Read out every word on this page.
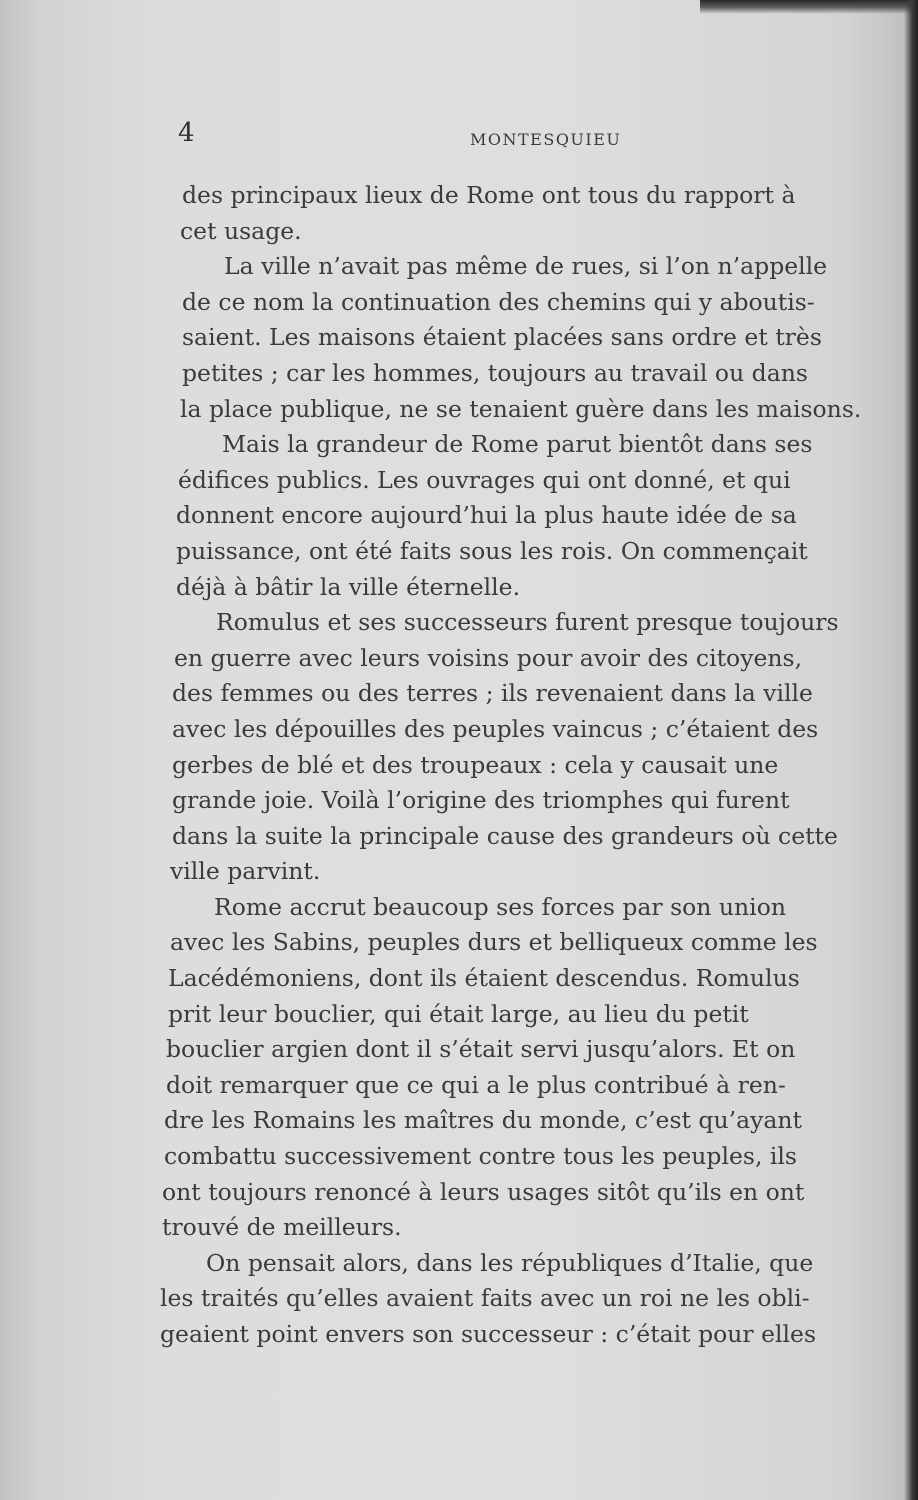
4	MONTESQUIEU
des principaux lieux de Rome ont tous du rapport à
cet usage.
La ville n’avait pas même de rues, si l’on n’appelle
de ce nom la continuation des chemins qui y aboutis-
saient. Les maisons étaient placées sans ordre et très
petites ; car les hommes, toujours au travail ou dans
la place publique, ne se tenaient guère dans les maisons.
Mais la grandeur de Rome parut bientôt dans ses
édifices publics. Les ouvrages qui ont donné, et qui
donnent encore aujourd’hui la plus haute idée de sa
puissance, ont été faits sous les rois. On commençait
déjà à bâtir la ville éternelle.
Romulus et ses successeurs furent presque toujours
en guerre avec leurs voisins pour avoir des citoyens,
des femmes ou des terres ; ils revenaient dans la ville
avec les dépouilles des peuples vaincus ; c’étaient des
gerbes de blé et des troupeaux : cela y causait une
grande joie. Voilà l’origine des triomphes qui furent
dans la suite la principale cause des grandeurs où cette
ville parvint.
Rome accrut beaucoup ses forces par son union
avec les Sabins, peuples durs et belliqueux comme les
Lacédémoniens, dont ils étaient descendus. Romulus
prit leur bouclier, qui était large, au lieu du petit
bouclier argien dont il s’était servi jusqu’alors. Et on
doit remarquer que ce qui a le plus contribué à ren-
dre les Romains les maîtres du monde, c’est qu’ayant
combattu successivement contre tous les peuples, ils
ont toujours renoncé à leurs usages sitôt qu’ils en ont
trouvé de meilleurs.
On pensait alors, dans les républiques d’Italie, que
les traités qu’elles avaient faits avec un roi ne les obli-
geaient point envers son successeur : c’était pour elles
